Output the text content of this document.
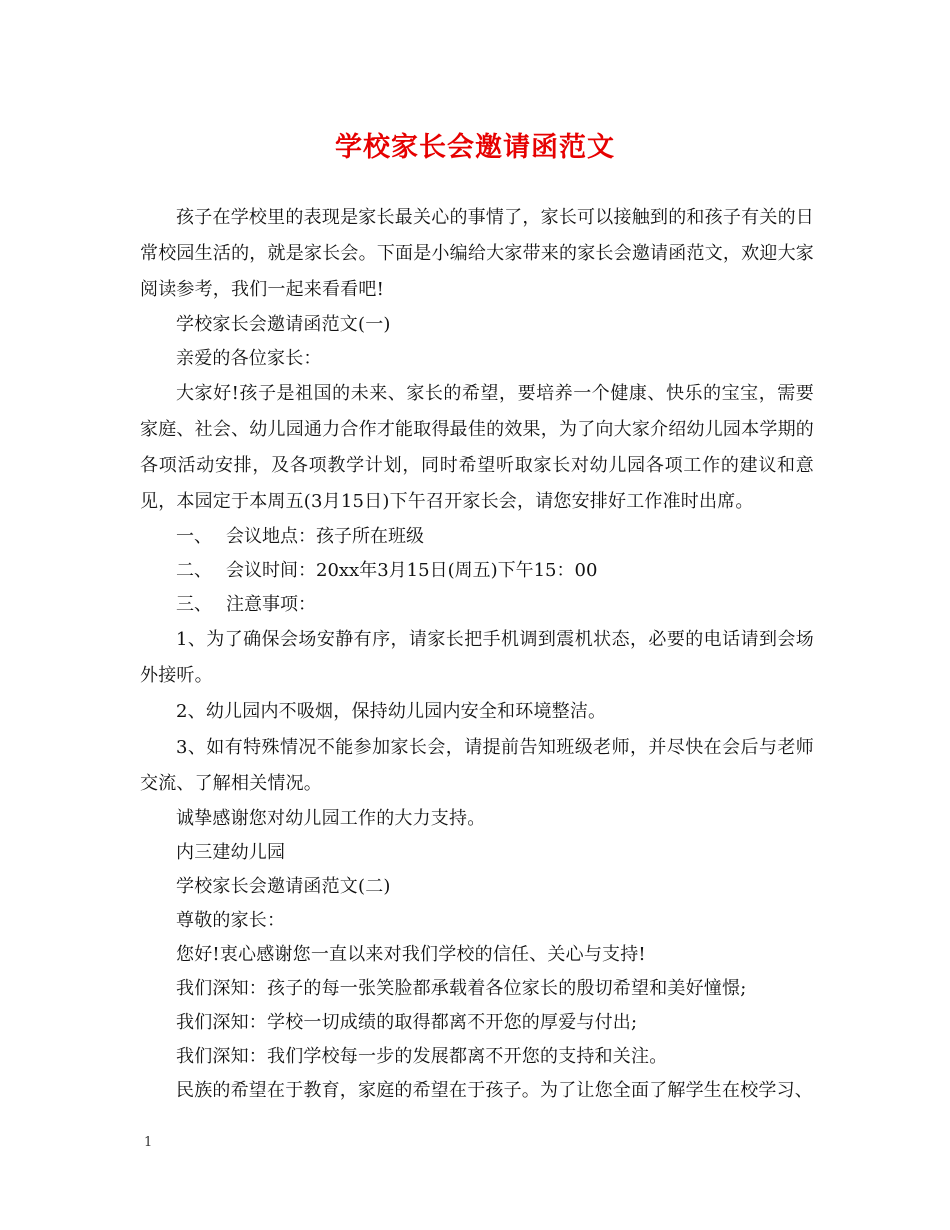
学校家长会邀请函范文

孩子在学校里的表现是家长最关心的事情了，家长可以接触到的和孩子有关的日常校园生活的，就是家长会。下面是小编给大家带来的家长会邀请函范文，欢迎大家阅读参考，我们一起来看看吧!

学校家长会邀请函范文(一)

亲爱的各位家长：

大家好!孩子是祖国的未来、家长的希望，要培养一个健康、快乐的宝宝，需要家庭、社会、幼儿园通力合作才能取得最佳的效果，为了向大家介绍幼儿园本学期的各项活动安排，及各项教学计划，同时希望听取家长对幼儿园各项工作的建议和意见，本园定于本周五(3月15日)下午召开家长会，请您安排好工作准时出席。

一、 会议地点：孩子所在班级

二、 会议时间：20xx年3月15日(周五)下午15：00

三、 注意事项：

1、为了确保会场安静有序，请家长把手机调到震机状态，必要的电话请到会场外接听。

2、幼儿园内不吸烟，保持幼儿园内安全和环境整洁。

3、如有特殊情况不能参加家长会，请提前告知班级老师，并尽快在会后与老师交流、了解相关情况。

诚挚感谢您对幼儿园工作的大力支持。

内三建幼儿园

学校家长会邀请函范文(二)

尊敬的家长：

您好!衷心感谢您一直以来对我们学校的信任、关心与支持!

我们深知：孩子的每一张笑脸都承载着各位家长的殷切希望和美好憧憬;

我们深知：学校一切成绩的取得都离不开您的厚爱与付出;

我们深知：我们学校每一步的发展都离不开您的支持和关注。

民族的希望在于教育，家庭的希望在于孩子。为了让您全面了解学生在校学习、

1
